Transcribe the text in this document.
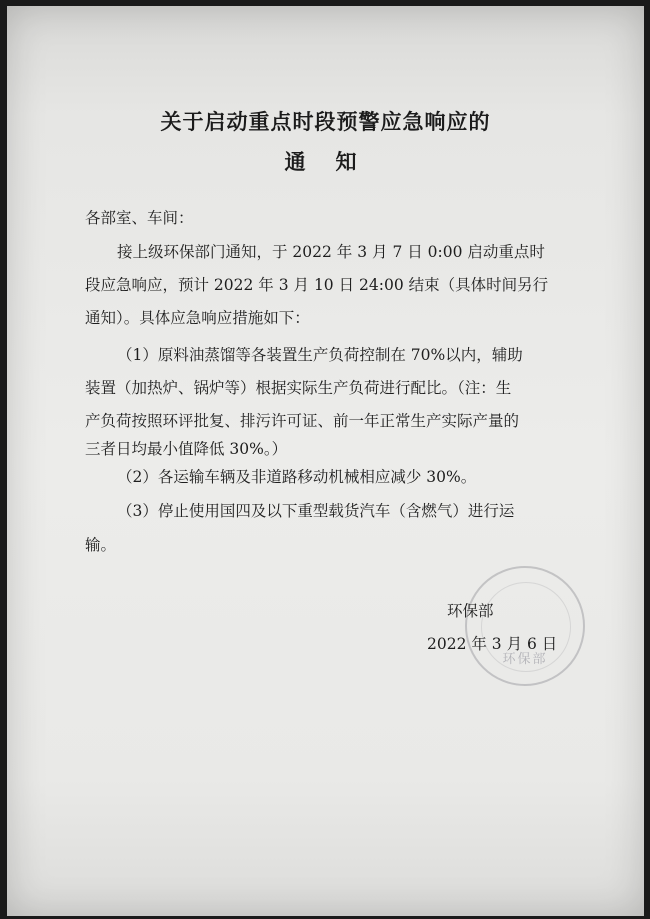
关于启动重点时段预警应急响应的
通知

各部室、车间：

接上级环保部门通知，于 2022 年 3 月 7 日 0:00 启动重点时

段应急响应，预计 2022 年 3 月 10 日 24:00 结束（具体时间另行

通知）。具体应急响应措施如下：

（1）原料油蒸馏等各装置生产负荷控制在 70%以内，辅助

装置（加热炉、锅炉等）根据实际生产负荷进行配比。（注：生

产负荷按照环评批复、排污许可证、前一年正常生产实际产量的

三者日均最小值降低 30%。）

（2）各运输车辆及非道路移动机械相应减少 30%。

（3）停止使用国四及以下重型载货汽车（含燃气）进行运

输。

环保部

环保部

2022 年 3 月 6 日
